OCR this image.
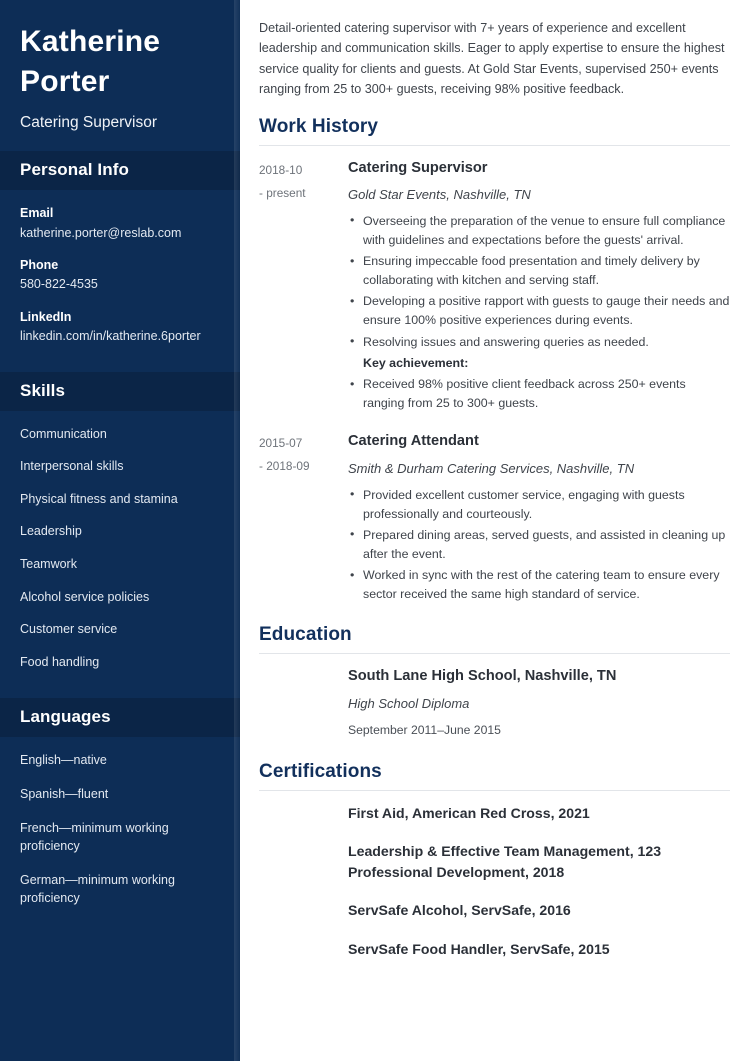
Katherine
Porter
Catering Supervisor
Personal Info
Email
katherine.porter@reslab.com
Phone
580-822-4535
LinkedIn
linkedin.com/in/katherine.6porter
Skills
Communication
Interpersonal skills
Physical fitness and stamina
Leadership
Teamwork
Alcohol service policies
Customer service
Food handling
Languages
English—native
Spanish—fluent
French—minimum working proficiency
German—minimum working proficiency

Detail-oriented catering supervisor with 7+ years of experience and excellent leadership and communication skills. Eager to apply expertise to ensure the highest service quality for clients and guests. At Gold Star Events, supervised 250+ events ranging from 25 to 300+ guests, receiving 98% positive feedback.

Work History
2018-10
- present
Catering Supervisor
Gold Star Events, Nashville, TN
• Overseeing the preparation of the venue to ensure full compliance with guidelines and expectations before the guests' arrival.
• Ensuring impeccable food presentation and timely delivery by collaborating with kitchen and serving staff.
• Developing a positive rapport with guests to gauge their needs and ensure 100% positive experiences during events.
• Resolving issues and answering queries as needed.
Key achievement:
• Received 98% positive client feedback across 250+ events ranging from 25 to 300+ guests.
2015-07
- 2018-09
Catering Attendant
Smith & Durham Catering Services, Nashville, TN
• Provided excellent customer service, engaging with guests professionally and courteously.
• Prepared dining areas, served guests, and assisted in cleaning up after the event.
• Worked in sync with the rest of the catering team to ensure every sector received the same high standard of service.
Education
South Lane High School, Nashville, TN
High School Diploma
September 2011–June 2015
Certifications
First Aid, American Red Cross, 2021
Leadership & Effective Team Management, 123 Professional Development, 2018
ServSafe Alcohol, ServSafe, 2016
ServSafe Food Handler, ServSafe, 2015
